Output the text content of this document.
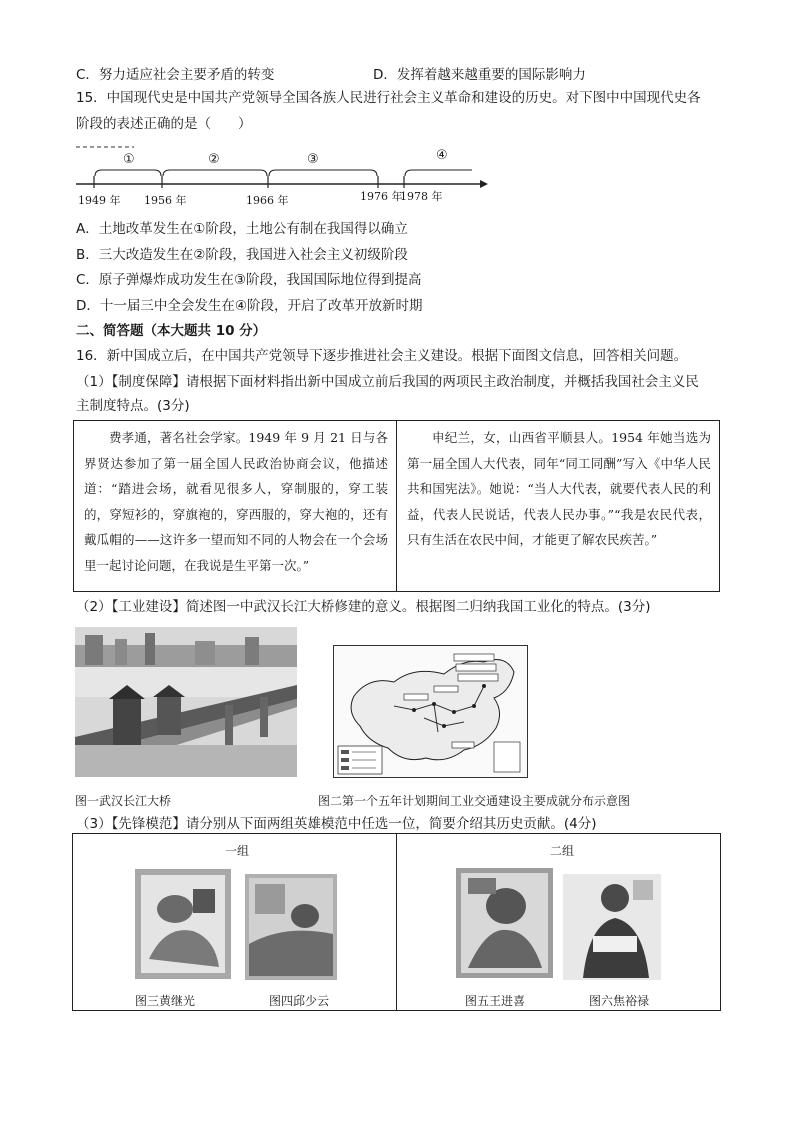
C．努力适应社会主要矛盾的转变	D．发挥着越来越重要的国际影响力
15．中国现代史是中国共产党领导全国各族人民进行社会主义革命和建设的历史。对下图中中国现代史各
阶段的表述正确的是（　　）
①	②	③	④
1949 年 1956 年	1966 年	1976 年
1978 年
A．土地改革发生在①阶段，土地公有制在我国得以确立
B．三大改造发生在②阶段，我国进入社会主义初级阶段
C．原子弹爆炸成功发生在③阶段，我国国际地位得到提高
D．十一届三中全会发生在④阶段，开启了改革开放新时期
二、简答题（本大题共 10 分）
16．新中国成立后，在中国共产党领导下逐步推进社会主义建设。根据下面图文信息，回答相关问题。
（1）【制度保障】请根据下面材料指出新中国成立前后我国的两项民主政治制度，并概括我国社会主义民
主制度特点。(3分)
费孝通，著名社会学家。1949 年 9 月 21 日与各界贤达参加了第一届全国人民政治协商会议，他描述道：“踏进会场，就看见很多人，穿制服的，穿工装的，穿短衫的，穿旗袍的，穿西服的，穿大袍的，还有戴瓜帽的——这许多一望而知不同的人物会在一个会场里一起讨论问题，在我说是生平第一次。”
申纪兰，女，山西省平顺县人。1954 年她当选为第一届全国人大代表，同年“同工同酬”写入《中华人民共和国宪法》。她说：“当人大代表，就要代表人民的利益，代表人民说话，代表人民办事。”“我是农民代表，只有生活在农民中间，才能更了解农民疾苦。”
（2）【工业建设】简述图一中武汉长江大桥修建的意义。根据图二归纳我国工业化的特点。(3分)
图一武汉长江大桥	图二第一个五年计划期间工业交通建设主要成就分布示意图
（3）【先锋模范】请分别从下面两组英雄模范中任选一位，简要介绍其历史贡献。(4分)
一组	二组
图三黄继光	图四邱少云	图五王进喜	图六焦裕禄
